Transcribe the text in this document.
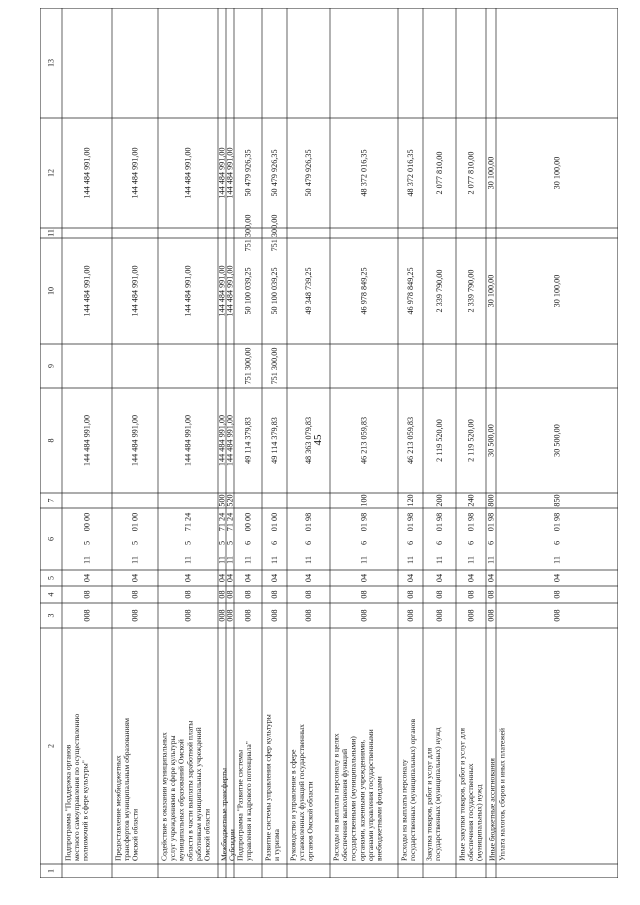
45
1
2
3
4
5
6
7
8
9
10
11
12
13
Подпрограмма "Поддержка органов местного самоуправления по осуществлению полномочий в сфере культуры"
008
08
04
144 484 991,00
144 484 991,00
144 484 991,00
11
5
00 00
Предоставление межбюджетных трансфертов муниципальным образованиям Омской области
008
08
04
144 484 991,00
144 484 991,00
144 484 991,00
11
5
01 00
Содействие в оказании муниципальных услуг учреждениями в сфере культуры муниципальных образований Омской области в части выплаты заработной платы работникам муниципальных учреждений Омской области
008
08
04
144 484 991,00
144 484 991,00
144 484 991,00
11
5
71 24
Межбюджетные трансферты
008
08
04
500
144 484 991,00
144 484 991,00
144 484 991,00
11
5
71 24
Субсидии
008
08
04
520
144 484 991,00
144 484 991,00
144 484 991,00
11
5
71 24
Подпрограмма "Развитие системы управления и кадрового потенциала"
008
08
04
49 114 379,83
751 300,00
50 100 039,25
751 300,00
50 479 926,35
11
6
00 00
Развитие системы управления сфер культуры и туризма
008
08
04
49 114 379,83
751 300,00
50 100 039,25
751 300,00
50 479 926,35
11
6
01 00
Руководство и управление в сфере установленных функций государственных органов Омской области
008
08
04
48 363 079,83
49 348 739,25
50 479 926,35
11
6
01 98
Расходы на выплаты персоналу в целях обеспечения выполнения функций государственными (муниципальными) органами, казенными учреждениями, органами управления государственными внебюджетными фондами
008
08
04
100
46 213 059,83
46 978 849,25
48 372 016,35
11
6
01 98
Расходы на выплаты персоналу государственных (муниципальных) органов
008
08
04
120
46 213 059,83
46 978 849,25
48 372 016,35
11
6
01 98
Закупка товаров, работ и услуг для государственных (муниципальных) нужд
008
08
04
200
2 119 520,00
2 339 790,00
2 077 810,00
11
6
01 98
Иные закупки товаров, работ и услуг для обеспечения государственных (муниципальных) нужд
008
08
04
240
2 119 520,00
2 339 790,00
2 077 810,00
11
6
01 98
Иные бюджетные ассигнования
008
08
04
800
30 500,00
30 100,00
30 100,00
11
6
01 98
Уплата налогов, сборов и иных платежей
008
08
04
850
30 500,00
30 100,00
30 100,00
11
6
01 98
